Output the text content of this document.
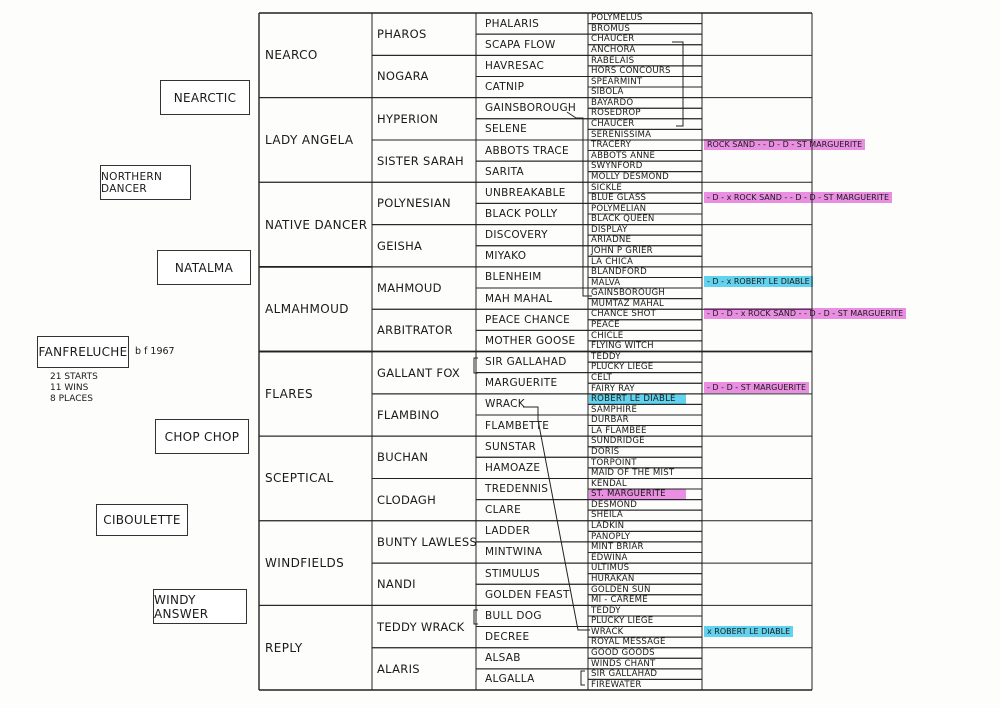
FANFRELUCHE b f 1967
21 STARTS
11 WINS
8 PLACES
NORTHERN DANCER
CIBOULETTE
NEARCTIC
NATALMA
CHOP CHOP
WINDY ANSWER
NEARCO
LADY ANGELA
NATIVE DANCER
ALMAHMOUD
FLARES
SCEPTICAL
WINDFIELDS
REPLY
PHAROS
NOGARA
HYPERION
SISTER SARAH
POLYNESIAN
GEISHA
MAHMOUD
ARBITRATOR
GALLANT FOX
FLAMBINO
BUCHAN
CLODAGH
BUNTY LAWLESS
NANDI
TEDDY WRACK
ALARIS
PHALARIS
SCAPA FLOW
HAVRESAC
CATNIP
GAINSBOROUGH
SELENE
ABBOTS TRACE
SARITA
UNBREAKABLE
BLACK POLLY
DISCOVERY
MIYAKO
BLENHEIM
MAH MAHAL
PEACE CHANCE
MOTHER GOOSE
SIR GALLAHAD
MARGUERITE
WRACK
FLAMBETTE
SUNSTAR
HAMOAZE
TREDENNIS
CLARE
LADDER
MINTWINA
STIMULUS
GOLDEN FEAST
BULL DOG
DECREE
ALSAB
ALGALLA
POLYMELUS
BROMUS
CHAUCER
ANCHORA
RABELAIS
HORS CONCOURS
SPEARMINT
SIBOLA
BAYARDO
ROSEDROP
CHAUCER
SERENISSIMA
TRACERY
ABBOTS ANNE
SWYNFORD
MOLLY DESMOND
SICKLE
BLUE GLASS
POLYMELIAN
BLACK QUEEN
DISPLAY
ARIADNE
JOHN P GRIER
LA CHICA
BLANDFORD
MALVA
GAINSBOROUGH
MUMTAZ MAHAL
CHANCE SHOT
PEACE
CHICLE
FLYING WITCH
TEDDY
PLUCKY LIEGE
CELT
FAIRY RAY
ROBERT LE DIABLE
SAMPHIRE
DURBAR
LA FLAMBEE
SUNDRIDGE
DORIS
TORPOINT
MAID OF THE MIST
KENDAL
ST. MARGUERITE
DESMOND
SHEILA
LADKIN
PANOPLY
MINT BRIAR
EDWINA
ULTIMUS
HURAKAN
GOLDEN SUN
MI - CAREME
TEDDY
PLUCKY LIEGE
WRACK
ROYAL MESSAGE
GOOD GOODS
WINDS CHANT
SIR GALLAHAD
FIREWATER
ROCK SAND - - D - D - ST MARGUERITE
- D - x ROCK SAND - - D - D - ST MARGUERITE
- D - x ROBERT LE DIABLE
- D - D - x ROCK SAND - - D - D - ST MARGUERITE
- D - D - ST MARGUERITE
x ROBERT LE DIABLE
